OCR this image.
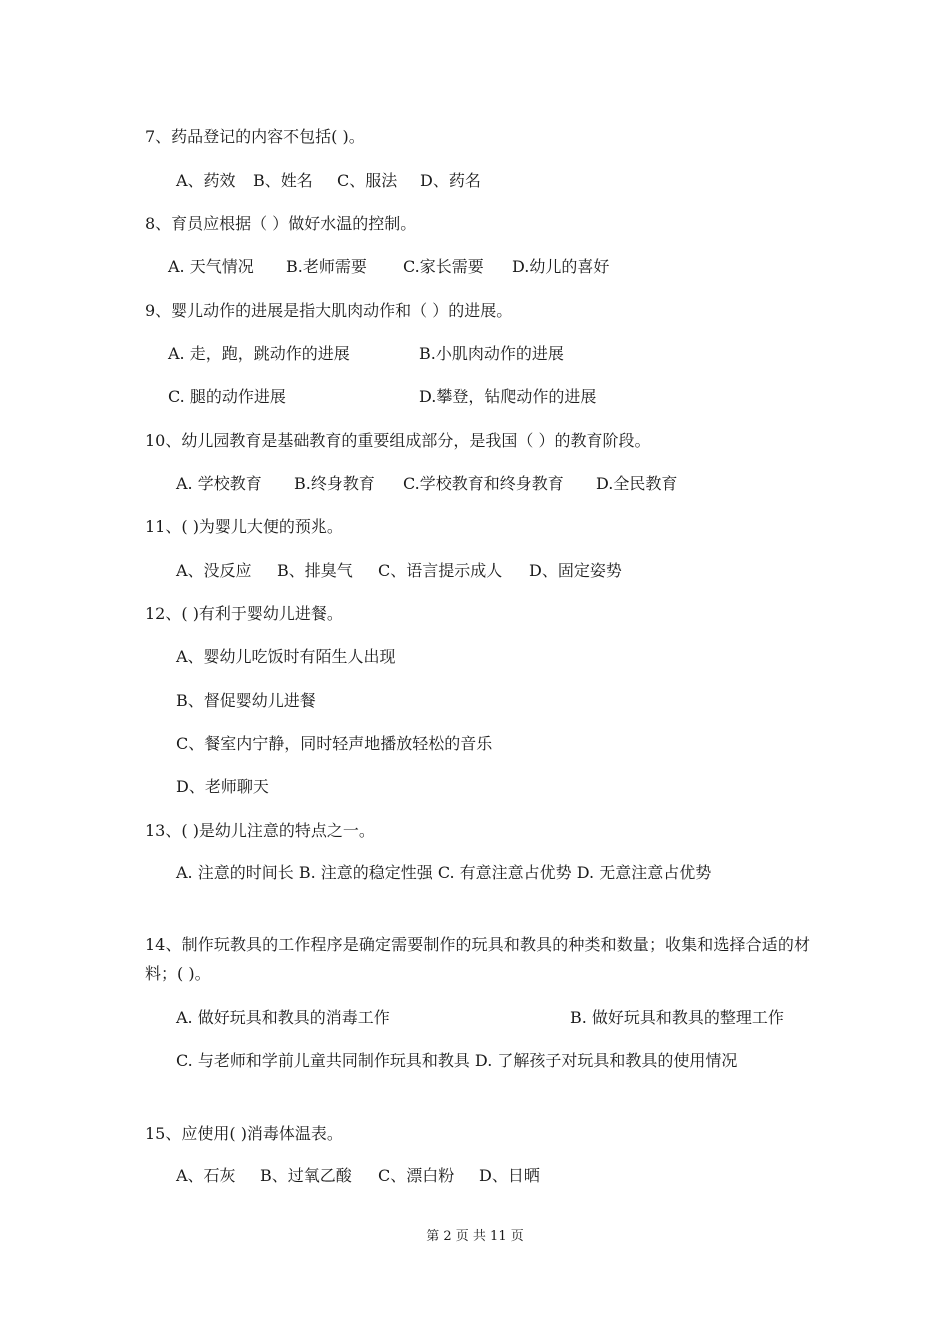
7、药品登记的内容不包括( )。
A、药效 B、姓名 C、服法 D、药名
8、育员应根据（ ）做好水温的控制。
A. 天气情况 B.老师需要 C.家长需要 D.幼儿的喜好
9、婴儿动作的进展是指大肌肉动作和（ ）的进展。
A. 走，跑，跳动作的进展	B.小肌肉动作的进展
C. 腿的动作进展	D.攀登，钻爬动作的进展
10、幼儿园教育是基础教育的重要组成部分，是我国（ ）的教育阶段。
A. 学校教育 B.终身教育 C.学校教育和终身教育 D.全民教育
11、( )为婴儿大便的预兆。
A、没反应 B、排臭气 C、语言提示成人 D、固定姿势
12、( )有利于婴幼儿进餐。
A、婴幼儿吃饭时有陌生人出现
B、督促婴幼儿进餐
C、餐室内宁静，同时轻声地播放轻松的音乐
D、老师聊天
13、( )是幼儿注意的特点之一。
A. 注意的时间长 B. 注意的稳定性强 C. 有意注意占优势 D. 无意注意占优势
14、制作玩教具的工作程序是确定需要制作的玩具和教具的种类和数量；收集和选择合适的材料；( )。
A. 做好玩具和教具的消毒工作	B. 做好玩具和教具的整理工作
C. 与老师和学前儿童共同制作玩具和教具 D. 了解孩子对玩具和教具的使用情况
15、应使用( )消毒体温表。
A、石灰 B、过氧乙酸 C、漂白粉 D、日晒
第 2 页 共 11 页
